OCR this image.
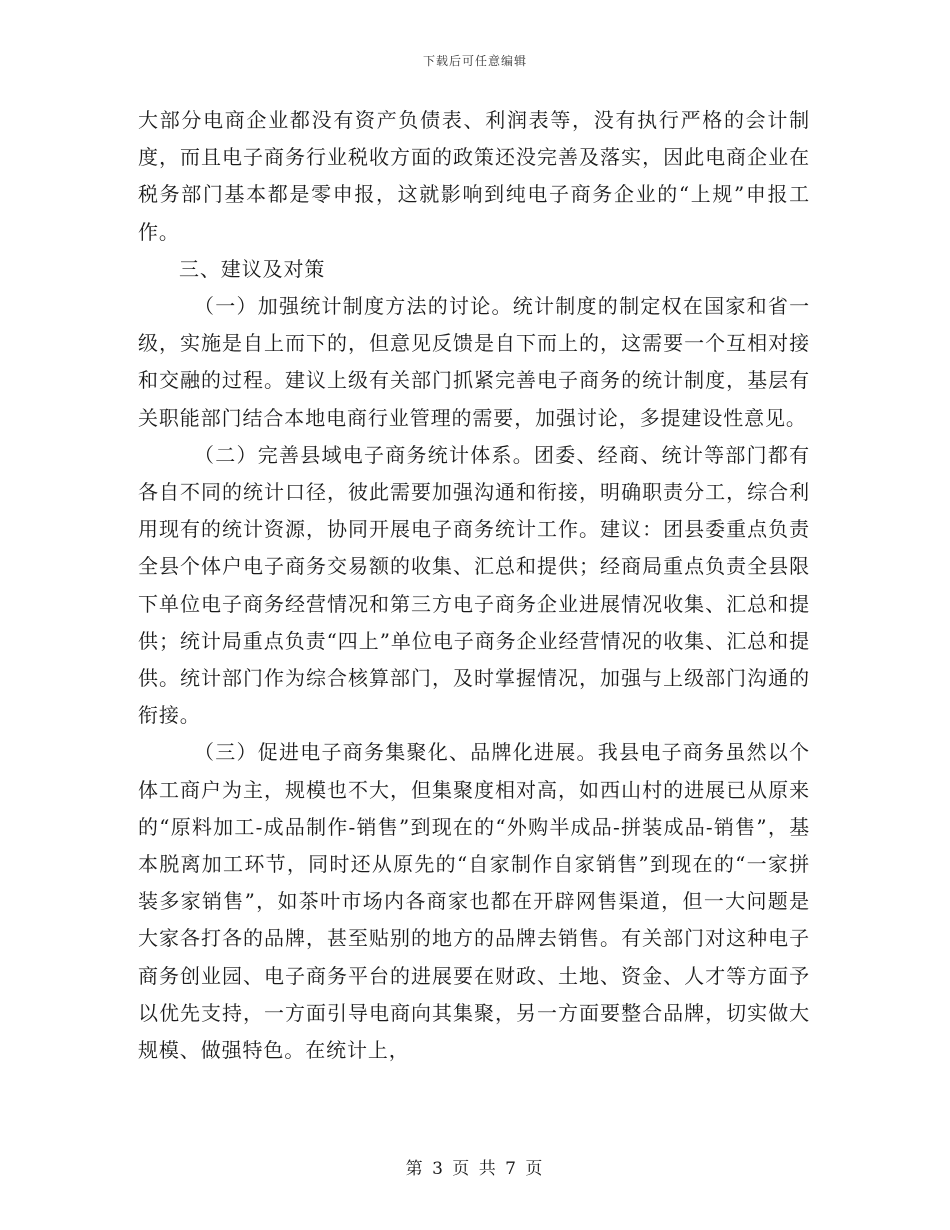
下载后可任意编辑

大部分电商企业都没有资产负债表、利润表等，没有执行严格的会计制度，而且电子商务行业税收方面的政策还没完善及落实，因此电商企业在税务部门基本都是零申报，这就影响到纯电子商务企业的“上规”申报工作。

三、建议及对策

（一）加强统计制度方法的讨论。统计制度的制定权在国家和省一级，实施是自上而下的，但意见反馈是自下而上的，这需要一个互相对接和交融的过程。建议上级有关部门抓紧完善电子商务的统计制度，基层有关职能部门结合本地电商行业管理的需要，加强讨论，多提建设性意见。

（二）完善县域电子商务统计体系。团委、经商、统计等部门都有各自不同的统计口径，彼此需要加强沟通和衔接，明确职责分工，综合利用现有的统计资源，协同开展电子商务统计工作。建议：团县委重点负责全县个体户电子商务交易额的收集、汇总和提供；经商局重点负责全县限下单位电子商务经营情况和第三方电子商务企业进展情况收集、汇总和提供；统计局重点负责“四上”单位电子商务企业经营情况的收集、汇总和提供。统计部门作为综合核算部门，及时掌握情况，加强与上级部门沟通的衔接。

（三）促进电子商务集聚化、品牌化进展。我县电子商务虽然以个体工商户为主，规模也不大，但集聚度相对高，如西山村的进展已从原来的“原料加工-成品制作-销售”到现在的“外购半成品-拼装成品-销售”，基本脱离加工环节，同时还从原先的“自家制作自家销售”到现在的“一家拼装多家销售”，如茶叶市场内各商家也都在开辟网售渠道，但一大问题是大家各打各的品牌，甚至贴别的地方的品牌去销售。有关部门对这种电子商务创业园、电子商务平台的进展要在财政、土地、资金、人才等方面予以优先支持，一方面引导电商向其集聚，另一方面要整合品牌，切实做大规模、做强特色。在统计上，

第 3 页 共 7 页
